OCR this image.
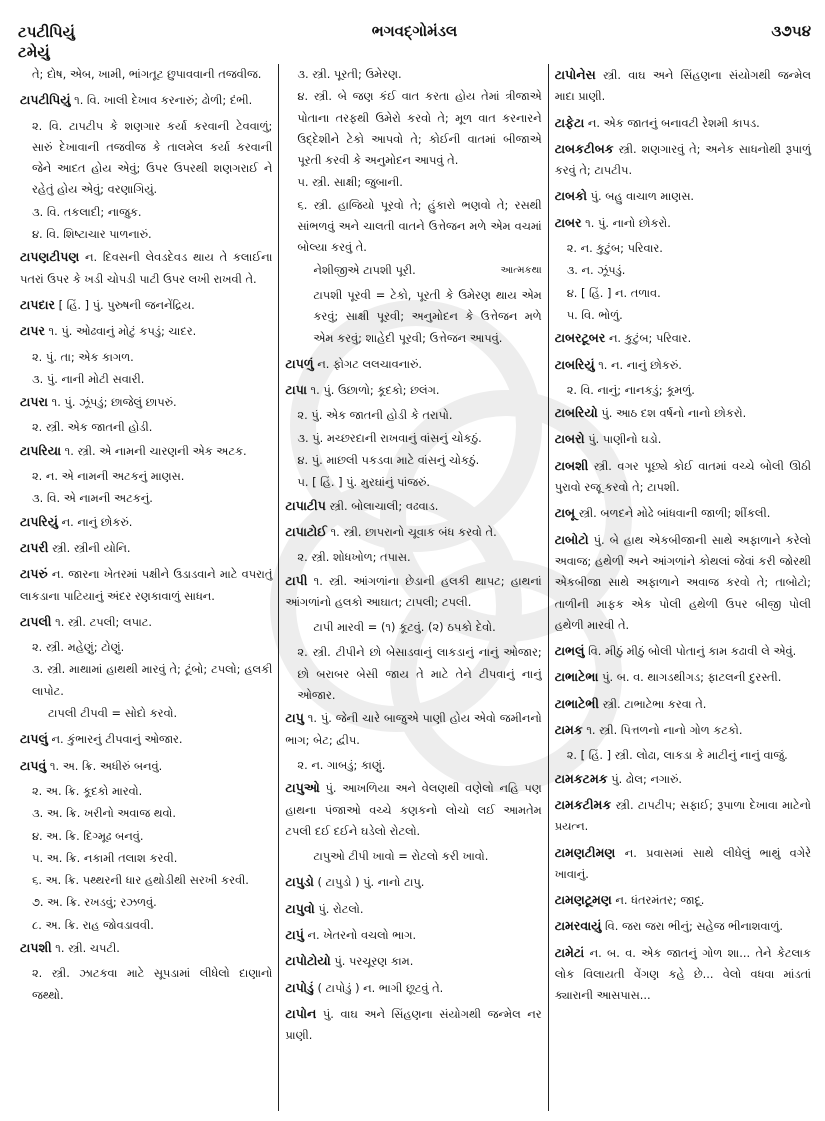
ટપટીપિયું
ટમેયું
ભગવદ્ગોમંડલ	૩૭૫૪
તે; દોષ, એબ, ખામી, ભાંગતૂટ છુપાવવાની તજવીજ.
ટાપટીપિયું ૧. વિ. ખાલી દેખાવ કરનારું; ઢોળી; દંભી.
૨. વિ. ટાપટીપ કે શણગાર કર્યા કરવાની ટેવવાળું; સારું દેખાવાની તજવીજ કે તાલમેલ કર્યા કરવાની જેને આદત હોય એવું; ઉપર ઉપરથી શણગરાઈ ને રહેતું હોય એવું; વરણાગિયું.
૩. વિ. તકલાદી; નાજુક.
૪. વિ. શિષ્ટાચાર પાળનારું.
ટાપણટીપણ ન. દિવસની લેવડદેવડ થાય તે કલાઈના પતરાં ઉપર કે ખડી ચોપડી પાટી ઉપર લખી રાખવી તે.
ટાપદાર [ હિં. ] પું. પુરુષની જનનેંદ્રિય.
ટાપર ૧. પું. ઓઢવાનું મોટું કપડું; ચાદર.
૨. પું. તા; એક કાગળ.
૩. પું. નાની મોટી સવારી.
ટાપરા ૧. પું. ઝૂંપડું; છાજેલું છાપરું.
૨. સ્ત્રી. એક જાતની હોડી.
ટાપરિયા ૧. સ્ત્રી. એ નામની ચારણની એક અટક.
૨. ન. એ નામની અટકનું માણસ.
૩. વિ. એ નામની અટકનું.
ટાપરિયું ન. નાનું છોકરું.
ટાપરી સ્ત્રી. સ્ત્રીની યોનિ.
ટાપરું ન. જારના ખેતરમાં પક્ષીને ઉડાડવાને માટે વપરાતું લાકડાના પાટિયાનું અંદર રણકાવાળું સાધન.
ટાપલી ૧. સ્ત્રી. ટપલી; લપાટ.
૨. સ્ત્રી. મહેણું; ટોણું.
૩. સ્ત્રી. માથામાં હાથથી મારવું તે; ટૂંબો; ટપલો; હલકી લાપોટ.
ટાપલી ટીપવી = સોદો કરવો.
ટાપલું ન. કુંભારનું ટીપવાનું ઓજાર.
ટાપવું ૧. અ. ક્રિ. અધીરું બનવું.
૨. અ. ક્રિ. કૂદકો મારવો.
૩. અ. ક્રિ. ખરીનો અવાજ થવો.
૪. અ. ક્રિ. દિગ્મૂઢ બનવું.
૫. અ. ક્રિ. નકામી તલાશ કરવી.
૬. અ. ક્રિ. પથ્થરની ધાર હથોડીથી સરખી કરવી.
૭. અ. ક્રિ. રખડવું; રઝળવું.
૮. અ. ક્રિ. રાહ જોવડાવવી.
ટાપશી ૧. સ્ત્રી. ચપટી.
૨. સ્ત્રી. ઝાટકવા માટે સૂપડામાં લીધેલો દાણાનો જથ્થો.
૩. સ્ત્રી. પૂરતી; ઉમેરણ.
૪. સ્ત્રી. બે જણ કંઈ વાત કરતા હોય તેમાં ત્રીજાએ પોતાના તરફથી ઉમેરો કરવો તે; મૂળ વાત કરનારને ઉદ્દેશીને ટેકો આપવો તે; કોઈની વાતમાં બીજાએ પૂરતી કરવી કે અનુમોદન આપવું તે.
૫. સ્ત્રી. સાક્ષી; જુબાની.
૬. સ્ત્રી. હાજિયો પૂરવો તે; હુંકારો ભણવો તે; રસથી સાંભળવું અને ચાલતી વાતને ઉત્તેજન મળે એમ વચમાં બોલ્યા કરવું તે.
આત્મકથા
નેશીજીએ ટાપશી પૂરી.
ટાપશી પૂરવી = ટેકો, પૂરતી કે ઉમેરણ થાય એમ કરવું; સાક્ષી પૂરવી; અનુમોદન કે ઉત્તેજન મળે એમ કરવું; શાહેદી પૂરવી; ઉત્તેજન આપવું.
ટાપળું ન. ફોગટ લલચાવનારું.
ટાપા ૧. પું. ઉછાળો; કૂદકો; છલંગ.
૨. પું. એક જાતની હોડી કે તરાપો.
૩. પું. મચ્છરદાની રાખવાનું વાંસનું ચોકઠું.
૪. પું. માછલી પકડવા માટે વાંસનું ચોકઠું.
૫. [ હિં. ] પું. મુરઘાંનું પાંજરું.
ટાપાટીપ સ્ત્રી. બોલાચાલી; વઢવાડ.
ટાપાટોઈ ૧. સ્ત્રી. છાપરાનો ચૂવાક બંધ કરવો તે.
૨. સ્ત્રી. શોધખોળ; તપાસ.
ટાપી ૧. સ્ત્રી. આંગળાંના છેડાની હલકી થાપટ; હાથનાં આંગળાંનો હલકો આઘાત; ટાપલી; ટપલી.
ટાપી મારવી = (૧) કૂટવું. (૨) ઠપકો દેવો.
૨. સ્ત્રી. ટીપીને છો બેસાડવાનું લાકડાનું નાનું ઓજાર; છો બરાબર બેસી જાય તે માટે તેને ટીપવાનું નાનું ઓજાર.
ટાપુ ૧. પું. જેની ચારે બાજુએ પાણી હોય એવો જમીનનો ભાગ; બેટ; દ્વીપ.
૨. ન. ગાબડું; કાણું.
ટાપુઓ પું. આખળિયા અને વેલણથી વણેલો નહિ પણ હાથના પંજાઓ વચ્ચે કણકનો લોચો લઈ આમતેમ ટપલી દઈ દઈને ઘડેલો રોટલો.
ટાપુઓ ટીપી ખાવો = રોટલો કરી ખાવો.
ટાપુડો ( ટાપુડો ) પું. નાનો ટાપુ.
ટાપુવો પું. રોટલો.
ટાપું ન. ખેતરનો વચલો ભાગ.
ટાપોટોયો પું. પરચૂરણ કામ.
ટાપોડું ( ટાપોડું ) ન. ભાગી છૂટવું તે.
ટાપોન પું. વાઘ અને સિંહણના સંયોગથી જન્મેલ નર પ્રાણી.
ટાપોનેસ સ્ત્રી. વાઘ અને સિંહણના સંયોગથી જન્મેલ માદા પ્રાણી.
ટાફેટા ન. એક જાતનું બનાવટી રેશમી કાપડ.
ટાબકટીબક સ્ત્રી. શણગારવું તે; અનેક સાધનોથી રૂપાળું કરવું તે; ટાપટીપ.
ટાબકો પું. બહુ વાચાળ માણસ.
ટાબર ૧. પું. નાનો છોકરો.
૨. ન. કુટુંબ; પરિવાર.
૩. ન. ઝૂંપડું.
૪. [ હિં. ] ન. તળાવ.
૫. વિ. ભોળું.
ટાબરટૂબર ન. કુટુંબ; પરિવાર.
ટાબરિયું ૧. ન. નાનું છોકરું.
૨. વિ. નાનું; નાનકડું; કૂમળું.
ટાબરિયો પું. આઠ દશ વર્ષનો નાનો છોકરો.
ટાબરો પું. પાણીનો ઘડો.
ટાબશી સ્ત્રી. વગર પૂછ્યે કોઈ વાતમાં વચ્ચે બોલી ઊઠી પુરાવો રજૂ કરવો તે; ટાપશી.
ટાબૂ સ્ત્રી. બળદને મોઢે બાંધવાની જાળી; શીંકલી.
ટાબોટો પું. બે હાથ એકબીજાની સાથે અફાળાને કરેલો અવાજ; હથેળી અને આંગળાંને કોથલાં જેવાં કરી જોરથી એકબીજા સાથે અફાળાને અવાજ કરવો તે; તાબોટો; તાળીની માફક એક પોલી હથેળી ઉપર બીજી પોલી હથેળી મારવી તે.
ટાભલું વિ. મીઠું મીઠું બોલી પોતાનું કામ કઢાવી લે એવું.
ટાભાટેભા પું. બ. વ. થાગડથીગડ; ફાટલની દુરસ્તી.
ટાભાટેભી સ્ત્રી. ટાભાટેભા કરવા તે.
ટામક ૧. સ્ત્રી. પિત્તળનો નાનો ગોળ કટકો.
૨. [ હિં. ] સ્ત્રી. લોઢા, લાકડા કે માટીનું નાનું વાજું.
ટામકટમક પું. ઢોલ; નગારું.
ટામકટીમક સ્ત્રી. ટાપટીપ; સફાઈ; રૂપાળા દેખાવા માટેનો પ્રયત્ન.
ટામણટીમણ ન. પ્રવાસમાં સાથે લીધેલું ભાથું વગેરે ખાવાનું.
ટામણટૂમણ ન. ધંતરમંતર; જાદૂ.
ટામરવાયું વિ. જરા જરા ભીનું; સહેજ ભીનાશવાળું.
ટામેટાં ન. બ. વ. એક જાતનું ગોળ શા... તેને કેટલાક લોક વિલાયતી વેંગણ કહે છે... વેલો વધવા માંડતાં ક્યારાની આસપાસ...
